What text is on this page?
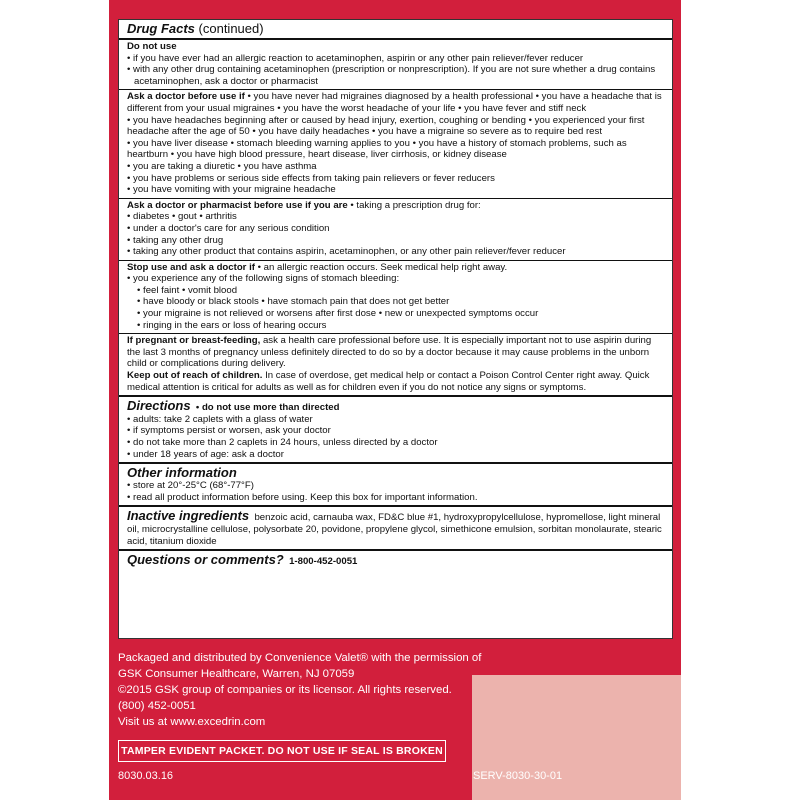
Drug Facts (continued)
Do not use
• if you have ever had an allergic reaction to acetaminophen, aspirin or any other pain reliever/fever reducer
• with any other drug containing acetaminophen (prescription or nonprescription). If you are not sure whether a drug contains acetaminophen, ask a doctor or pharmacist
Ask a doctor before use if • you have never had migraines diagnosed by a health professional • you have a headache that is different from your usual migraines • you have the worst headache of your life • you have fever and stiff neck
• you have headaches beginning after or caused by head injury, exertion, coughing or bending • you experienced your first headache after the age of 50 • you have daily headaches • you have a migraine so severe as to require bed rest
• you have liver disease • stomach bleeding warning applies to you • you have a history of stomach problems, such as heartburn • you have high blood pressure, heart disease, liver cirrhosis, or kidney disease
• you are taking a diuretic • you have asthma
• you have problems or serious side effects from taking pain relievers or fever reducers
• you have vomiting with your migraine headache
Ask a doctor or pharmacist before use if you are • taking a prescription drug for:
• diabetes • gout • arthritis
• under a doctor's care for any serious condition
• taking any other drug
• taking any other product that contains aspirin, acetaminophen, or any other pain reliever/fever reducer
Stop use and ask a doctor if • an allergic reaction occurs. Seek medical help right away.
• you experience any of the following signs of stomach bleeding:
• feel faint • vomit blood
• have bloody or black stools • have stomach pain that does not get better
• your migraine is not relieved or worsens after first dose • new or unexpected symptoms occur
• ringing in the ears or loss of hearing occurs
If pregnant or breast-feeding, ask a health care professional before use. It is especially important not to use aspirin during the last 3 months of pregnancy unless definitely directed to do so by a doctor because it may cause problems in the unborn child or complications during delivery.
Keep out of reach of children. In case of overdose, get medical help or contact a Poison Control Center right away. Quick medical attention is critical for adults as well as for children even if you do not notice any signs or symptoms.
Directions • do not use more than directed
• adults: take 2 caplets with a glass of water
• if symptoms persist or worsen, ask your doctor
• do not take more than 2 caplets in 24 hours, unless directed by a doctor
• under 18 years of age: ask a doctor
Other information
• store at 20°-25°C (68°-77°F)
• read all product information before using. Keep this box for important information.
Inactive ingredients benzoic acid, carnauba wax, FD&C blue #1, hydroxypropylcellulose, hypromellose, light mineral oil, microcrystalline cellulose, polysorbate 20, povidone, propylene glycol, simethicone emulsion, sorbitan monolaurate, stearic acid, titanium dioxide
Questions or comments? 1-800-452-0051
Packaged and distributed by Convenience Valet® with the permission of
GSK Consumer Healthcare, Warren, NJ 07059
©2015 GSK group of companies or its licensor. All rights reserved.
(800) 452-0051
Visit us at www.excedrin.com
TAMPER EVIDENT PACKET. DO NOT USE IF SEAL IS BROKEN
8030.03.16	SERV-8030-30-01
